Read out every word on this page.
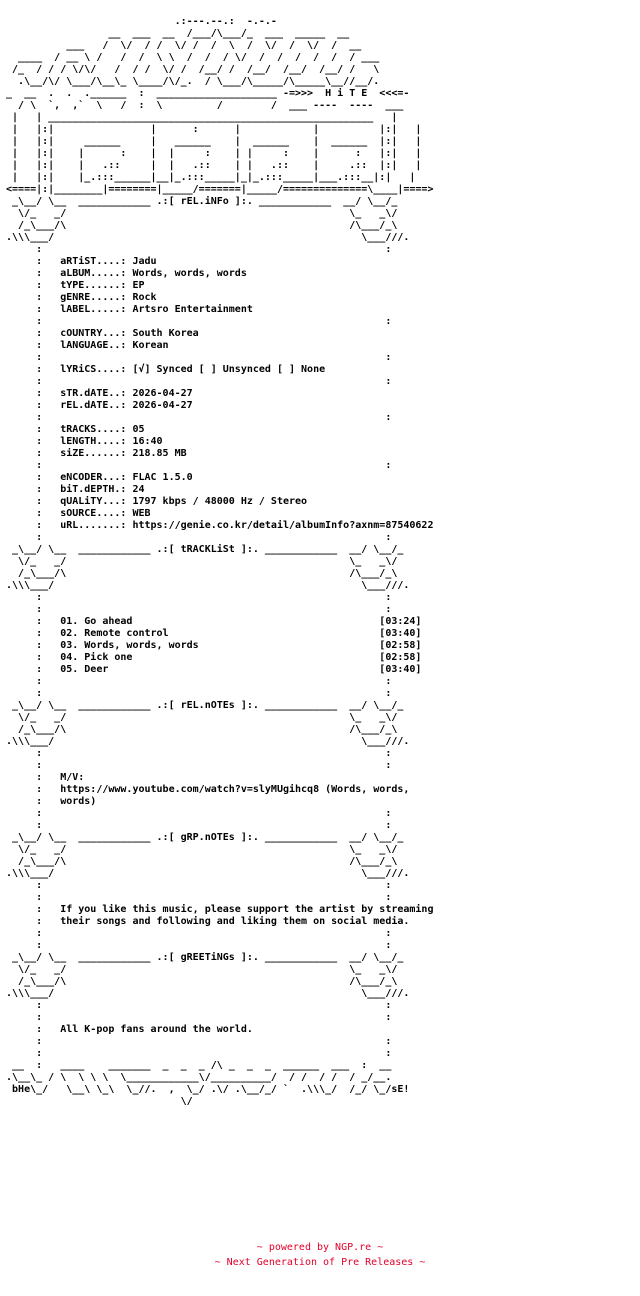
.:---.--.:  -.-.-
__  ___  __  /___/\___/_  ___  _____  __
___   /  \/  / /  \/ /  /  \  /  \/  /  \/  /  __
____  / __ \ /   /  /  \ \  /  /  / \/  /  /  /  /  /  / ___
/_  / / / \/\/   /  / /  \/ /  /__/ /  /__/  /__/  /__/ /   \
.\__/\/ \___/\__\_ \____/\/_.  / \___/\_____/\_____\__//__/.
_  __  .  .  .______  :  ____________________ -=>>>  H i T E  <<<=-
/ \  `,  ,`  \   /  :  \         /        /  ___ ----  ----  ___
|   | ______________________________________________________   |
|   |:|                |      :      |            |          |:|   |
|   |:|     ______     |   ______    |  ______    |  ______  |:|   |
|   |:|    |      :    |  |     :    | |     :    |      :   |:|   |
|   |:|    |   .::     |  |   .::    | |   .::    |     .::  |:|   |
|   |:|    |_.:::______|__|_.:::_____|_|_.:::_____|___.:::__|:|   |
<====|:|________|========|_____/=======|_____/==============\____|====>
_\__/ \__  ____________ .:[ rEL.iNFo ]:. ____________  __/ \__/_
\/_   _/                                               \_   _\/
/_\___/\                                               /\___/_\
.\\\___/                                                   \___///.
:                                                         :
:   aRTiST....: Jadu
:   aLBUM.....: Words, words, words
:   tYPE......: EP
:   gENRE.....: Rock
:   lABEL.....: Artsro Entertainment
:                                                         :
:   cOUNTRY...: South Korea
:   lANGUAGE..: Korean
:                                                         :
:   lYRiCS....: [√] Synced [ ] Unsynced [ ] None
:                                                         :
:   sTR.dATE..: 2026-04-27
:   rEL.dATE..: 2026-04-27
:                                                         :
:   tRACKS....: 05
:   lENGTH....: 16:40
:   siZE......: 218.85 MB
:                                                         :
:   eNCODER...: FLAC 1.5.0
:   biT.dEPTH.: 24
:   qUALiTY...: 1797 kbps / 48000 Hz / Stereo
:   sOURCE....: WEB
:   uRL.......: https://genie.co.kr/detail/albumInfo?axnm=87540622
:                                                         :
_\__/ \__  ____________ .:[ tRACKLiSt ]:. ____________  __/ \__/_
\/_   _/                                               \_   _\/
/_\___/\                                               /\___/_\
.\\\___/                                                   \___///.
:                                                         :
:                                                         :
:   01. Go ahead                                         [03:24]
:   02. Remote control                                   [03:40]
:   03. Words, words, words                              [02:58]
:   04. Pick one                                         [02:58]
:   05. Deer                                             [03:40]
:                                                         :
:                                                         :
_\__/ \__  ____________ .:[ rEL.nOTEs ]:. ____________  __/ \__/_
\/_   _/                                               \_   _\/
/_\___/\                                               /\___/_\
.\\\___/                                                   \___///.
:                                                         :
:                                                         :
:   M/V:
:   https://www.youtube.com/watch?v=slyMUgihcq8 (Words, words,
:   words)
:                                                         :
:                                                         :
_\__/ \__  ____________ .:[ gRP.nOTEs ]:. ____________  __/ \__/_
\/_   _/                                               \_   _\/
/_\___/\                                               /\___/_\
.\\\___/                                                   \___///.
:                                                         :
:                                                         :
:   If you like this music, please support the artist by streaming
:   their songs and following and liking them on social media.
:                                                         :
:                                                         :
_\__/ \__  ____________ .:[ gREETiNGs ]:. ____________  __/ \__/_
\/_   _/                                               \_   _\/
/_\___/\                                               /\___/_\
.\\\___/                                                   \___///.
:                                                         :
:                                                         :
:   All K-pop fans around the world.
:                                                         :
:                                                         :
__  :   ____    _______  _  _  _ /\ _  _  _  ______  ___  :  __
.\__\_ / \  \ \ \  \____________\/__________/  / /  / /  / _/__.
bHe\_/   \__\ \_\  \_//.  ,  \_/ .\/ .\__/_/ `  .\\\_/  /_/ \_/sE!
\/

~ powered by NGP.re ~
~ Next Generation of Pre Releases ~
